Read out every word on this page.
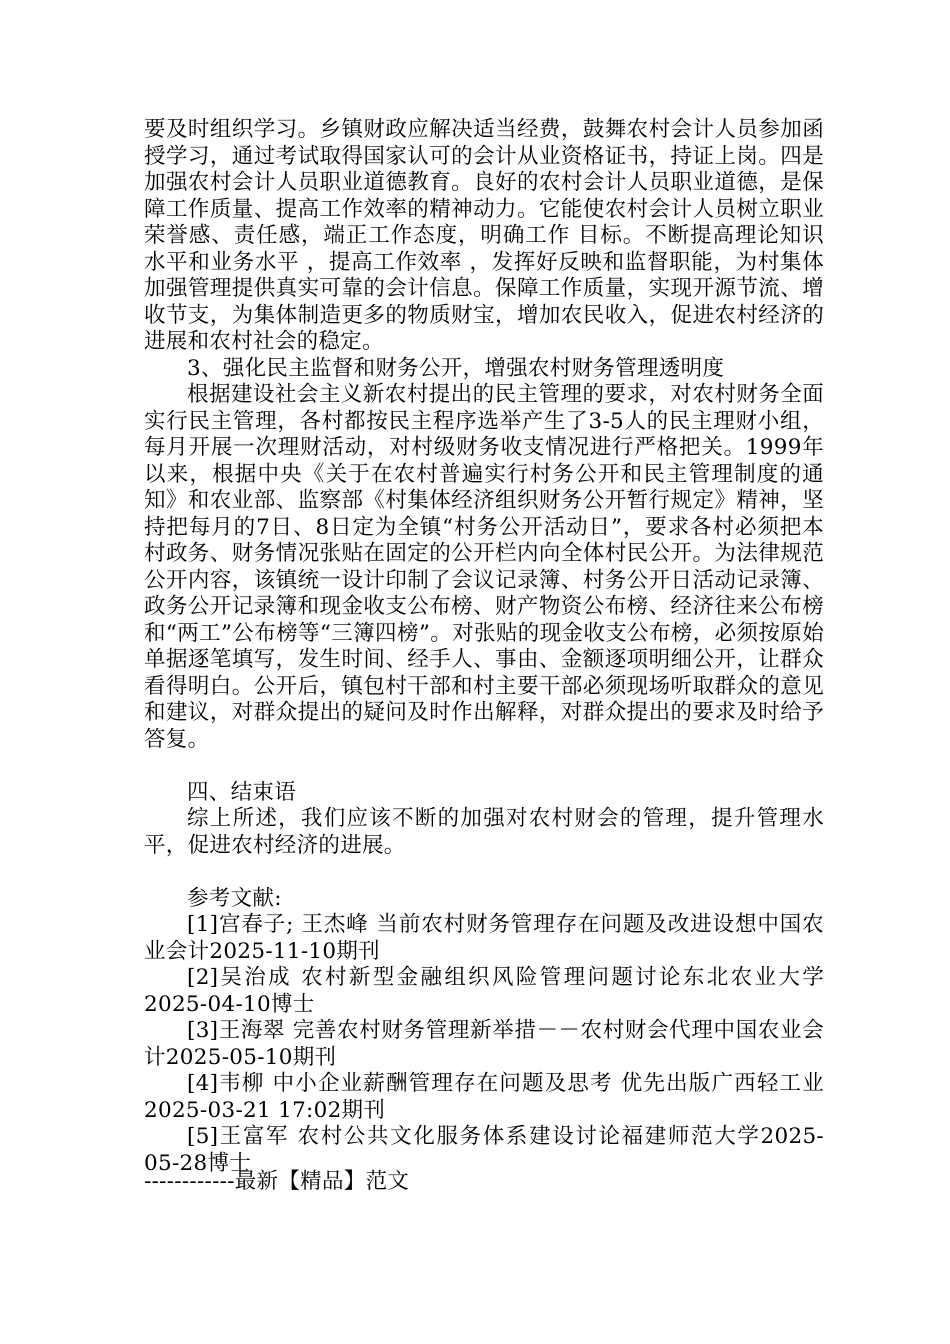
要及时组织学习。乡镇财政应解决适当经费，鼓舞农村会计人员参加函授学习，通过考试取得国家认可的会计从业资格证书，持证上岗。四是加强农村会计人员职业道德教育。良好的农村会计人员职业道德，是保障工作质量、提高工作效率的精神动力。它能使农村会计人员树立职业荣誉感、责任感，端正工作态度，明确工作 目标。不断提高理论知识水平和业务水平 ，提高工作效率 ，发挥好反映和监督职能，为村集体加强管理提供真实可靠的会计信息。保障工作质量，实现开源节流、增收节支，为集体制造更多的物质财宝，增加农民收入，促进农村经济的进展和农村社会的稳定。

3、强化民主监督和财务公开，增强农村财务管理透明度

根据建设社会主义新农村提出的民主管理的要求，对农村财务全面实行民主管理，各村都按民主程序选举产生了3-5人的民主理财小组，每月开展一次理财活动，对村级财务收支情况进行严格把关。1999年以来，根据中央《关于在农村普遍实行村务公开和民主管理制度的通知》和农业部、监察部《村集体经济组织财务公开暂行规定》精神，坚持把每月的7日、8日定为全镇“村务公开活动日”，要求各村必须把本村政务、财务情况张贴在固定的公开栏内向全体村民公开。为法律规范公开内容，该镇统一设计印制了会议记录簿、村务公开日活动记录簿、政务公开记录簿和现金收支公布榜、财产物资公布榜、经济往来公布榜和“两工”公布榜等“三簿四榜”。对张贴的现金收支公布榜，必须按原始单据逐笔填写，发生时间、经手人、事由、金额逐项明细公开，让群众看得明白。公开后，镇包村干部和村主要干部必须现场听取群众的意见和建议，对群众提出的疑问及时作出解释，对群众提出的要求及时给予答复。

四、结束语

综上所述，我们应该不断的加强对农村财会的管理，提升管理水平，促进农村经济的进展。

参考文献:

[1]宫春子; 王杰峰 当前农村财务管理存在问题及改进设想中国农业会计2025-11-10期刊

[2]吴治成 农村新型金融组织风险管理问题讨论东北农业大学2025-04-10博士

[3]王海翠 完善农村财务管理新举措－－农村财会代理中国农业会计2025-05-10期刊

[4]韦柳 中小企业薪酬管理存在问题及思考 优先出版广西轻工业2025-03-21 17:02期刊

[5]王富军 农村公共文化服务体系建设讨论福建师范大学2025-05-28博士

------------最新【精品】范文
